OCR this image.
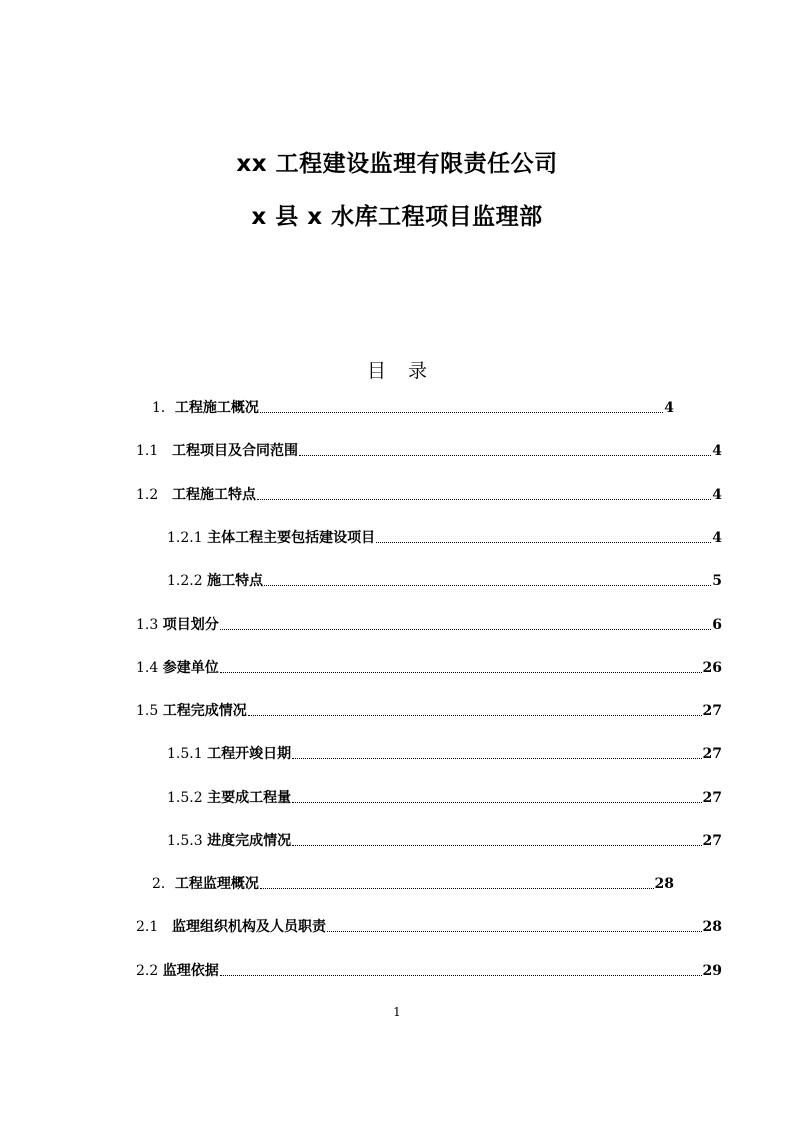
xx 工程建设监理有限责任公司
x 县 x 水库工程项目监理部
目录
1． 工程施工概况	4
1.1 工程项目及合同范围	4
1.2 工程施工特点	4
1.2.1 主体工程主要包括建设项目	4
1.2.2 施工特点	5
1.3 项目划分	6
1.4 参建单位	26
1.5 工程完成情况	27
1.5.1 工程开竣日期	27
1.5.2 主要成工程量	27
1.5.3 进度完成情况	27
2． 工程监理概况	28
2.1 监理组织机构及人员职责	28
2.2 监理依据	29
1
